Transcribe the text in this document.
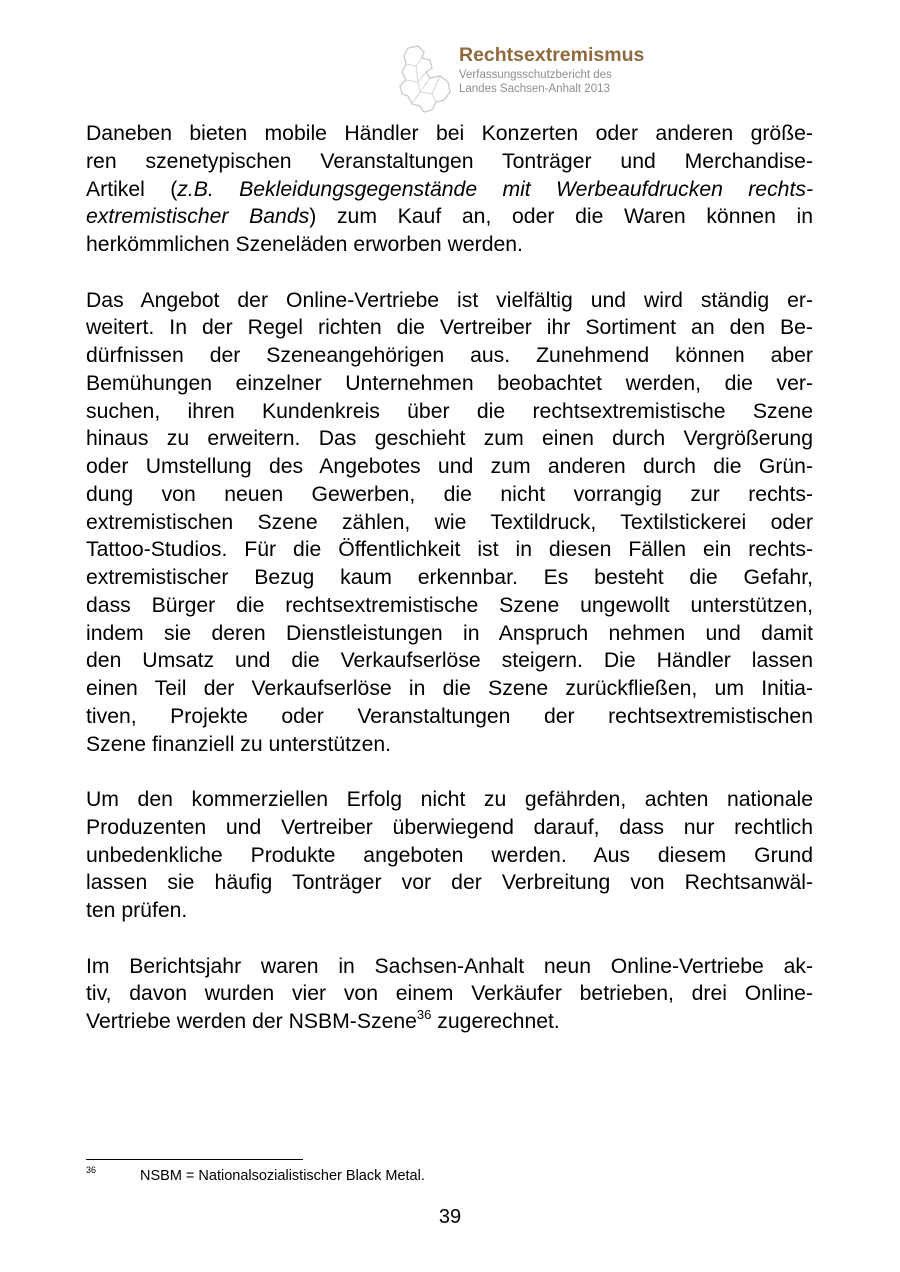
Rechtsextremismus
Verfassungsschutzbericht des
Landes Sachsen-Anhalt 2013

Daneben bieten mobile Händler bei Konzerten oder anderen größe-
ren szenetypischen Veranstaltungen Tonträger und Merchandise-
Artikel (z.B. Bekleidungsgegenstände mit Werbeaufdrucken rechts-
extremistischer Bands) zum Kauf an, oder die Waren können in
herkömmlichen Szeneläden erworben werden.

Das Angebot der Online-Vertriebe ist vielfältig und wird ständig er-
weitert. In der Regel richten die Vertreiber ihr Sortiment an den Be-
dürfnissen der Szeneangehörigen aus. Zunehmend können aber
Bemühungen einzelner Unternehmen beobachtet werden, die ver-
suchen, ihren Kundenkreis über die rechtsextremistische Szene
hinaus zu erweitern. Das geschieht zum einen durch Vergrößerung
oder Umstellung des Angebotes und zum anderen durch die Grün-
dung von neuen Gewerben, die nicht vorrangig zur rechts-
extremistischen Szene zählen, wie Textildruck, Textilstickerei oder
Tattoo-Studios. Für die Öffentlichkeit ist in diesen Fällen ein rechts-
extremistischer Bezug kaum erkennbar. Es besteht die Gefahr,
dass Bürger die rechtsextremistische Szene ungewollt unterstützen,
indem sie deren Dienstleistungen in Anspruch nehmen und damit
den Umsatz und die Verkaufserlöse steigern. Die Händler lassen
einen Teil der Verkaufserlöse in die Szene zurückfließen, um Initia-
tiven, Projekte oder Veranstaltungen der rechtsextremistischen
Szene finanziell zu unterstützen.

Um den kommerziellen Erfolg nicht zu gefährden, achten nationale
Produzenten und Vertreiber überwiegend darauf, dass nur rechtlich
unbedenkliche Produkte angeboten werden. Aus diesem Grund
lassen sie häufig Tonträger vor der Verbreitung von Rechtsanwäl-
ten prüfen.

Im Berichtsjahr waren in Sachsen-Anhalt neun Online-Vertriebe ak-
tiv, davon wurden vier von einem Verkäufer betrieben, drei Online-
Vertriebe werden der NSBM-Szene$^{36}$ zugerechnet.

36	NSBM = Nationalsozialistischer Black Metal.
39
